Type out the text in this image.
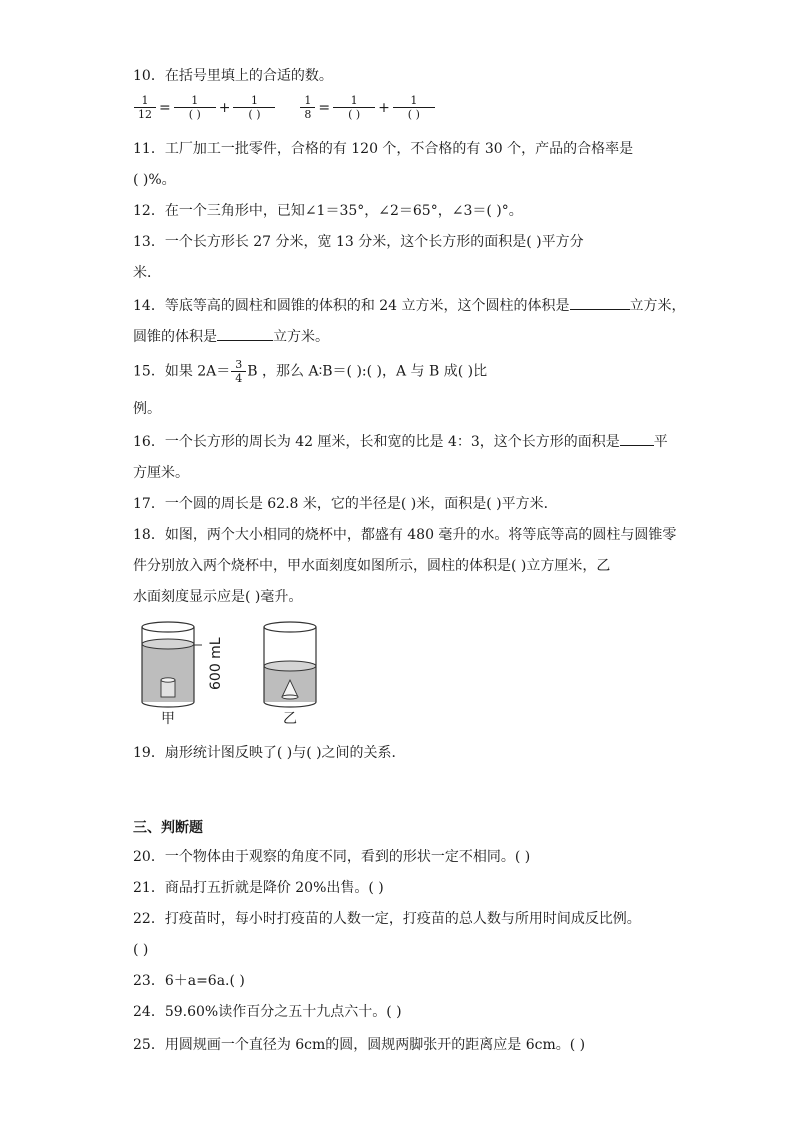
10．在括号里填上的合适的数。
$\frac{1}{12} = \frac{1}{( )} + \frac{1}{( )}$
$\frac{1}{8} = \frac{1}{( )} + \frac{1}{( )}$
11．工厂加工一批零件，合格的有 120 个，不合格的有 30 个，产品的合格率是
( )%。
12．在一个三角形中，已知∠1＝35°，∠2＝65°，∠3＝( )°。
13．一个长方形长 27 分米，宽 13 分米，这个长方形的面积是( )平方分
米．
14．等底等高的圆柱和圆锥的体积的和 24 立方米，这个圆柱的体积是	立方米，
圆锥的体积是	立方米。
15．如果 $2A= \frac{3}{4}$ B ，那么 A∶B＝( ):( )，A 与 B 成( )比
例。
16．一个长方形的周长为 42 厘米，长和宽的比是 4：3，这个长方形的面积是 平
方厘米。
17．一个圆的周长是 62.8 米，它的半径是( )米，面积是( )平方米．
18．如图，两个大小相同的烧杯中，都盛有 480 毫升的水。将等底等高的圆柱与圆锥零
件分别放入两个烧杯中，甲水面刻度如图所示，圆柱的体积是( )立方厘米，乙
水面刻度显示应是( )毫升。
600 mL
甲	乙
19．扇形统计图反映了( )与( )之间的关系．
三、判断题
20．一个物体由于观察的角度不同，看到的形状一定不相同。( )
21．商品打五折就是降价 20%出售。( )
22．打疫苗时，每小时打疫苗的人数一定，打疫苗的总人数与所用时间成反比例。
( )
23．6＋a=6a.( )
24．59.60%读作百分之五十九点六十。( )
25．用圆规画一个直径为 6cm的圆，圆规两脚张开的距离应是 6cm。( )
